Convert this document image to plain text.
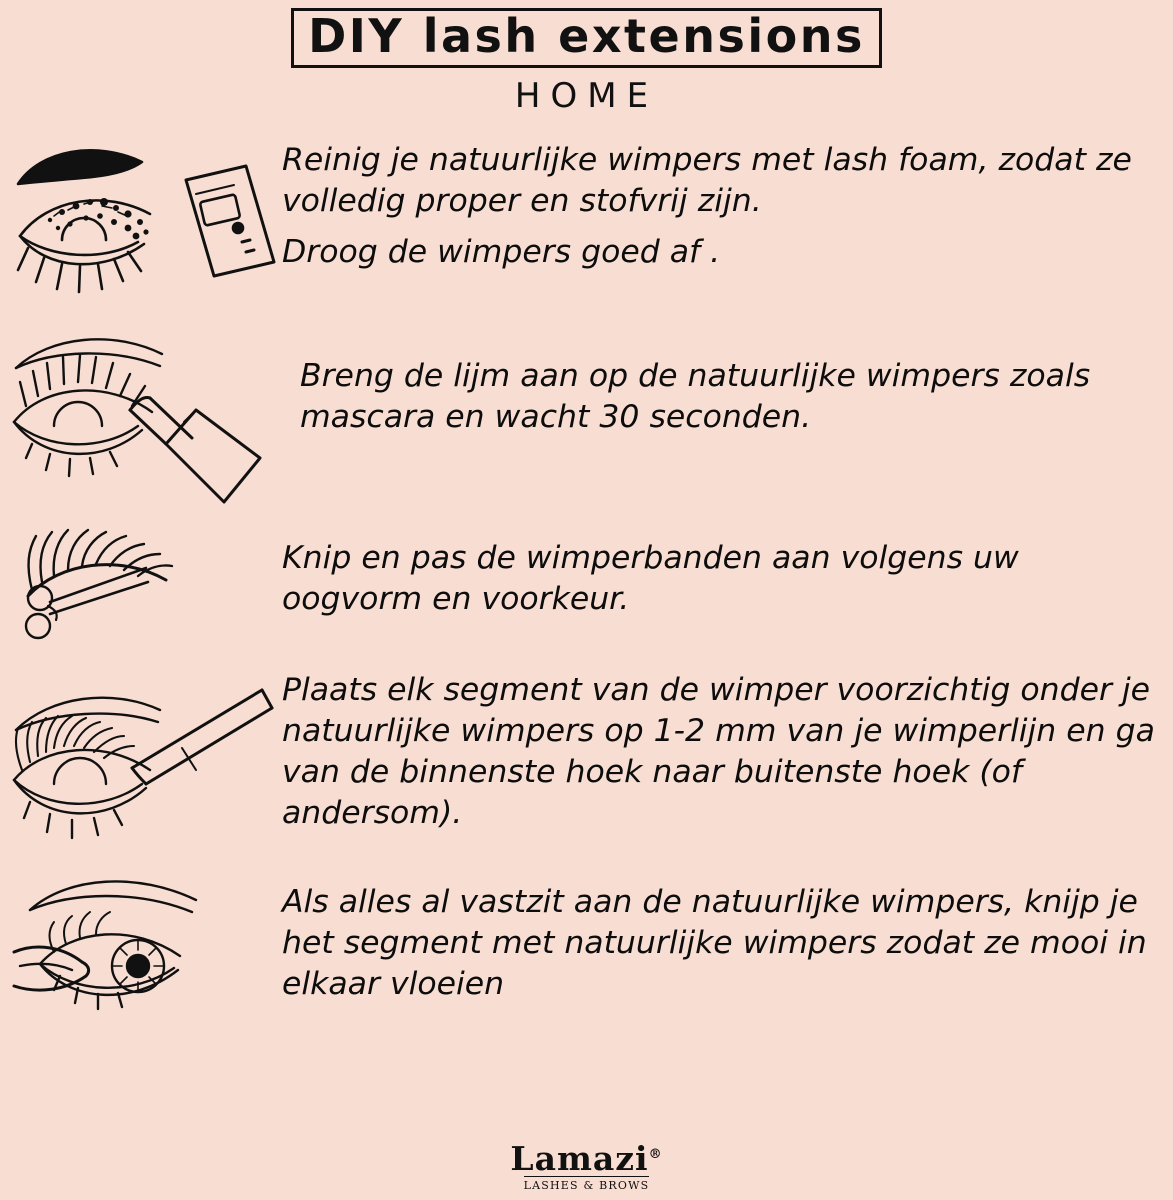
DIY lash extensions
HOME

Reinig je natuurlijke wimpers met lash foam, zodat ze volledig proper en stofvrij zijn.

Droog de wimpers goed af .

Breng de lijm aan op de natuurlijke wimpers zoals mascara en wacht 30 seconden.

Knip en pas de wimperbanden aan volgens uw oogvorm en voorkeur.

Plaats elk segment van de wimper voorzichtig onder je natuurlijke wimpers op 1-2 mm van je wimperlijn en ga van de binnenste hoek naar buitenste hoek (of andersom).

Als alles al vastzit aan de natuurlijke wimpers, knijp je het segment met natuurlijke wimpers zodat ze mooi in elkaar vloeien

Lamazi®
LASHES & BROWS
